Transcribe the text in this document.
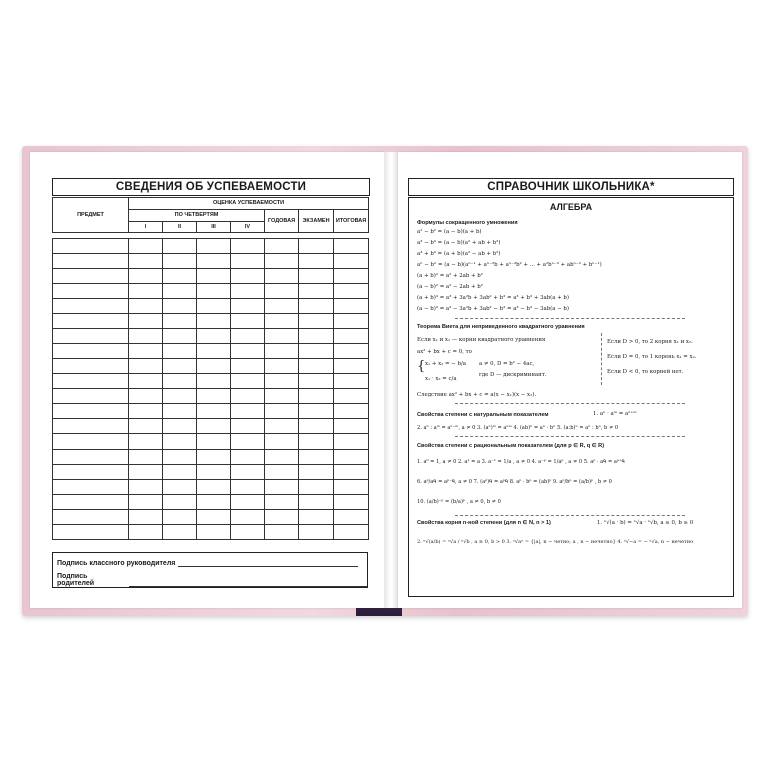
СВЕДЕНИЯ ОБ УСПЕВАЕМОСТИ
ПРЕДМЕТ	ОЦЕНКА УСПЕВАЕМОСТИ						
	ПО ЧЕТВЕРТЯМ				ГОДОВАЯ	ЭКЗАМЕН	ИТОГОВАЯ
	I	II	III	IV			

Подпись классного руководителя
Подпись родителей
СПРАВОЧНИК ШКОЛЬНИКА*
АЛГЕБРА
Формулы сокращенного умножения
a² − b² = (a − b)(a + b)
a³ − b³ = (a − b)(a² + ab + b²)
a³ + b³ = (a + b)(a² − ab + b²)
aⁿ − bⁿ = (a − b)(aⁿ⁻¹ + aⁿ⁻²b + aⁿ⁻³b² + ... + a²bⁿ⁻³ + abⁿ⁻² + bⁿ⁻¹)
(a + b)² = a² + 2ab + b²
(a − b)² = a² − 2ab + b²
(a + b)³ = a³ + 3a²b + 3ab² + b³ = a³ + b³ + 3ab(a + b)
(a − b)³ = a³ − 3a²b + 3ab² − b³ = a³ − b³ − 3ab(a − b)
Теорема Виета для неприведенного квадратного уравнения
Если x₁ и x₂ — корни квадратного уравнения
ax² + bx + c = 0, то
{ x₁ + x₂ = − b/a a ≠ 0, D = b² − 4ac,
x₁ · x₂ = c/a
где D — дискриминант.
Следствие ax² + bx + c = a(x − x₁)(x − x₂).
Если D > 0, то 2 корня x₁ и x₂.
Если D = 0, то 1 корень x₁ = x₂.
Если D < 0, то корней нет.
Свойства степени с натуральным показателем	1. aⁿ · aᵐ = aⁿ⁺ᵐ
2. aⁿ : aᵐ = aⁿ⁻ᵐ, a ≠ 0 3. (aⁿ)ᵐ = aⁿᵐ 4. (ab)ⁿ = aⁿ · bⁿ 5. (a:b)ⁿ = aⁿ : bⁿ, b ≠ 0
Свойства степени с рациональным показателем (для p ∈ R, q ∈ R)
1. a⁰ = 1, a ≠ 0 2. a¹ = a 3. a⁻¹ = 1/a , a ≠ 0 4. a⁻ᵖ = 1/aᵖ , a ≠ 0 5. aᵖ · aᑫ = aᵖ⁺ᑫ
6. aᵖ/aᑫ = aᵖ⁻ᑫ, a ≠ 0 7. (aᵖ)ᑫ = aᵖᑫ 8. aᵖ · bᵖ = (ab)ᵖ 9. aᵖ/bᵖ = (a/b)ᵖ , b ≠ 0
10. (a/b)⁻ᵖ = (b/a)ᵖ , a ≠ 0, b ≠ 0
Свойства корня n-ной степени (для n ∈ N, n > 1)	1. ⁿ√(a · b) = ⁿ√a · ⁿ√b, a ≥ 0, b ≥ 0
2. ⁿ√(a/b) = ⁿ√a / ⁿ√b , a ≥ 0, b > 0 3. ⁿ√aⁿ = {|a|, n − четно; a , n − нечетно} 4. ⁿ√−a = − ⁿ√a, n − нечетно
